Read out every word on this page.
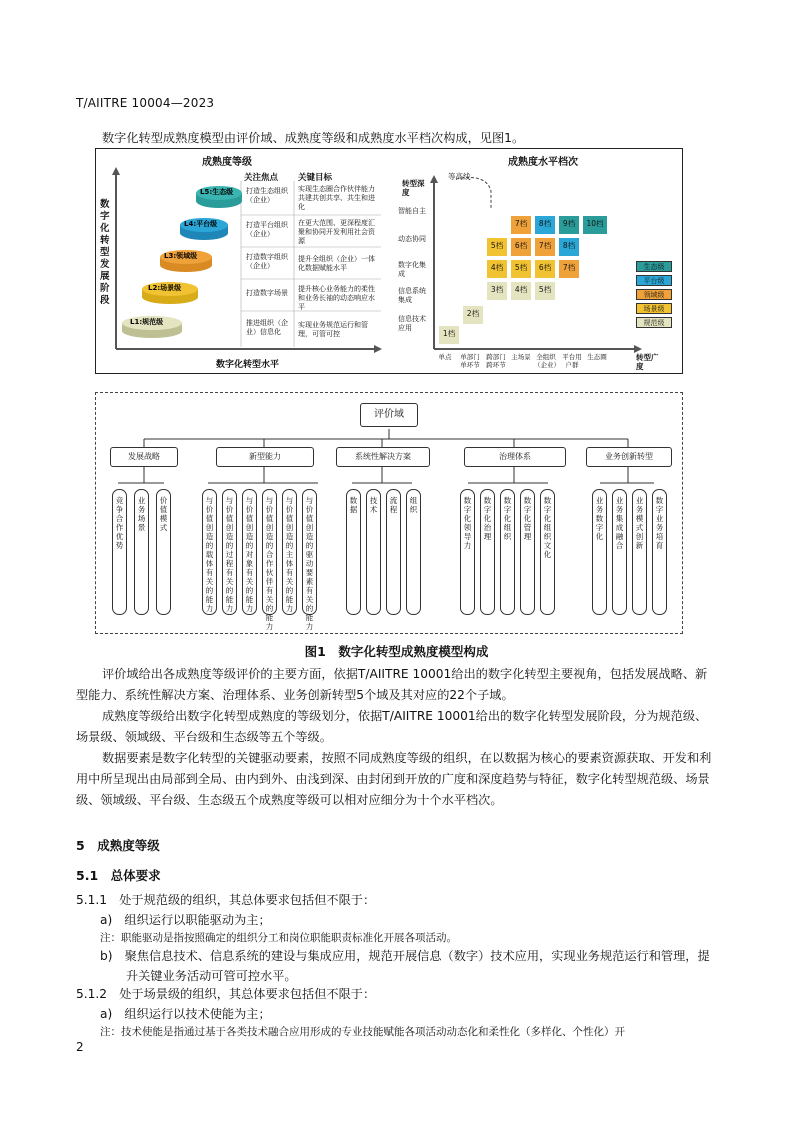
T/AIITRE 10004—2023
数字化转型成熟度模型由评价域、成熟度等级和成熟度水平档次构成，见图1。
成熟度等级
关注焦点 关键目标
数字化转型发展阶段
数字化转型水平
L5:生态级
L4:平台级
L3:领域级
L2:场景级
L1:规范级
打造生态组织（企业）
实现生态圈合作伙伴能力共建共创共享、共生和进化
打造平台组织（企业）
在更大范围、更深程度汇聚和协同开发利用社会资源
打造数字组织（企业）
提升全组织（企业）一体化数据赋能水平
打造数字场景	提升核心业务能力的柔性和业务长袖的动态响应水平
推进组织（企业）信息化
实现业务规范运行和管理，可管可控
成熟度水平档次
等高线
转型深度
转型广度
智能自主
动态协同
数字化集成
信息系统集成
信息技术应用
单点	单部门单环节
跨部门跨环节
主场景 全组织（企业）
平台用户群
生态圈
1档
2档
3档	4档	5档
4档	5档	6档	7档
5档	6档	7档	8档
7档	8档	9档	10档
生态级
平台级
领域级
场景级
规范级
评价域
发展战略	新型能力	系统性解决方案	治理体系	业务创新转型
竞争合作优势
业务场景
价值模式
与价值创造的载体有关的能力
与价值创造的过程有关的能力
与价值创造的对象有关的能力
与价值创造的合作伙伴有关的能力
与价值创造的主体有关的能力
与价值创造的驱动要素有关的能力
数据
技术
流程
组织
数字化领导力
数字化治理
数字化组织
数字化管理
数字化组织文化
业务数字化
业务集成融合
业务模式创新
数字业务培育
图1　数字化转型成熟度模型构成
评价域给出各成熟度等级评价的主要方面，依据T/AIITRE 10001给出的数字化转型主要视角，包括发展战略、新型能力、系统性解决方案、治理体系、业务创新转型5个域及其对应的22个子域。
成熟度等级给出数字化转型成熟度的等级划分，依据T/AIITRE 10001给出的数字化转型发展阶段，分为规范级、场景级、领域级、平台级和生态级等五个等级。
数据要素是数字化转型的关键驱动要素，按照不同成熟度等级的组织，在以数据为核心的要素资源获取、开发和利用中所呈现出由局部到全局、由内到外、由浅到深、由封闭到开放的广度和深度趋势与特征，数字化转型规范级、场景级、领域级、平台级、生态级五个成熟度等级可以相对应细分为十个水平档次。
5　成熟度等级
5.1　总体要求
5.1.1　处于规范级的组织，其总体要求包括但不限于：
a)　组织运行以职能驱动为主；
注：职能驱动是指按照确定的组织分工和岗位职能职责标准化开展各项活动。
b)　聚焦信息技术、信息系统的建设与集成应用，规范开展信息（数字）技术应用，实现业务规范运行和管理，提升关键业务活动可管可控水平。
5.1.2　处于场景级的组织，其总体要求包括但不限于：
a)　组织运行以技术使能为主；
注：技术使能是指通过基于各类技术融合应用形成的专业技能赋能各项活动动态化和柔性化（多样化、个性化）开
2
